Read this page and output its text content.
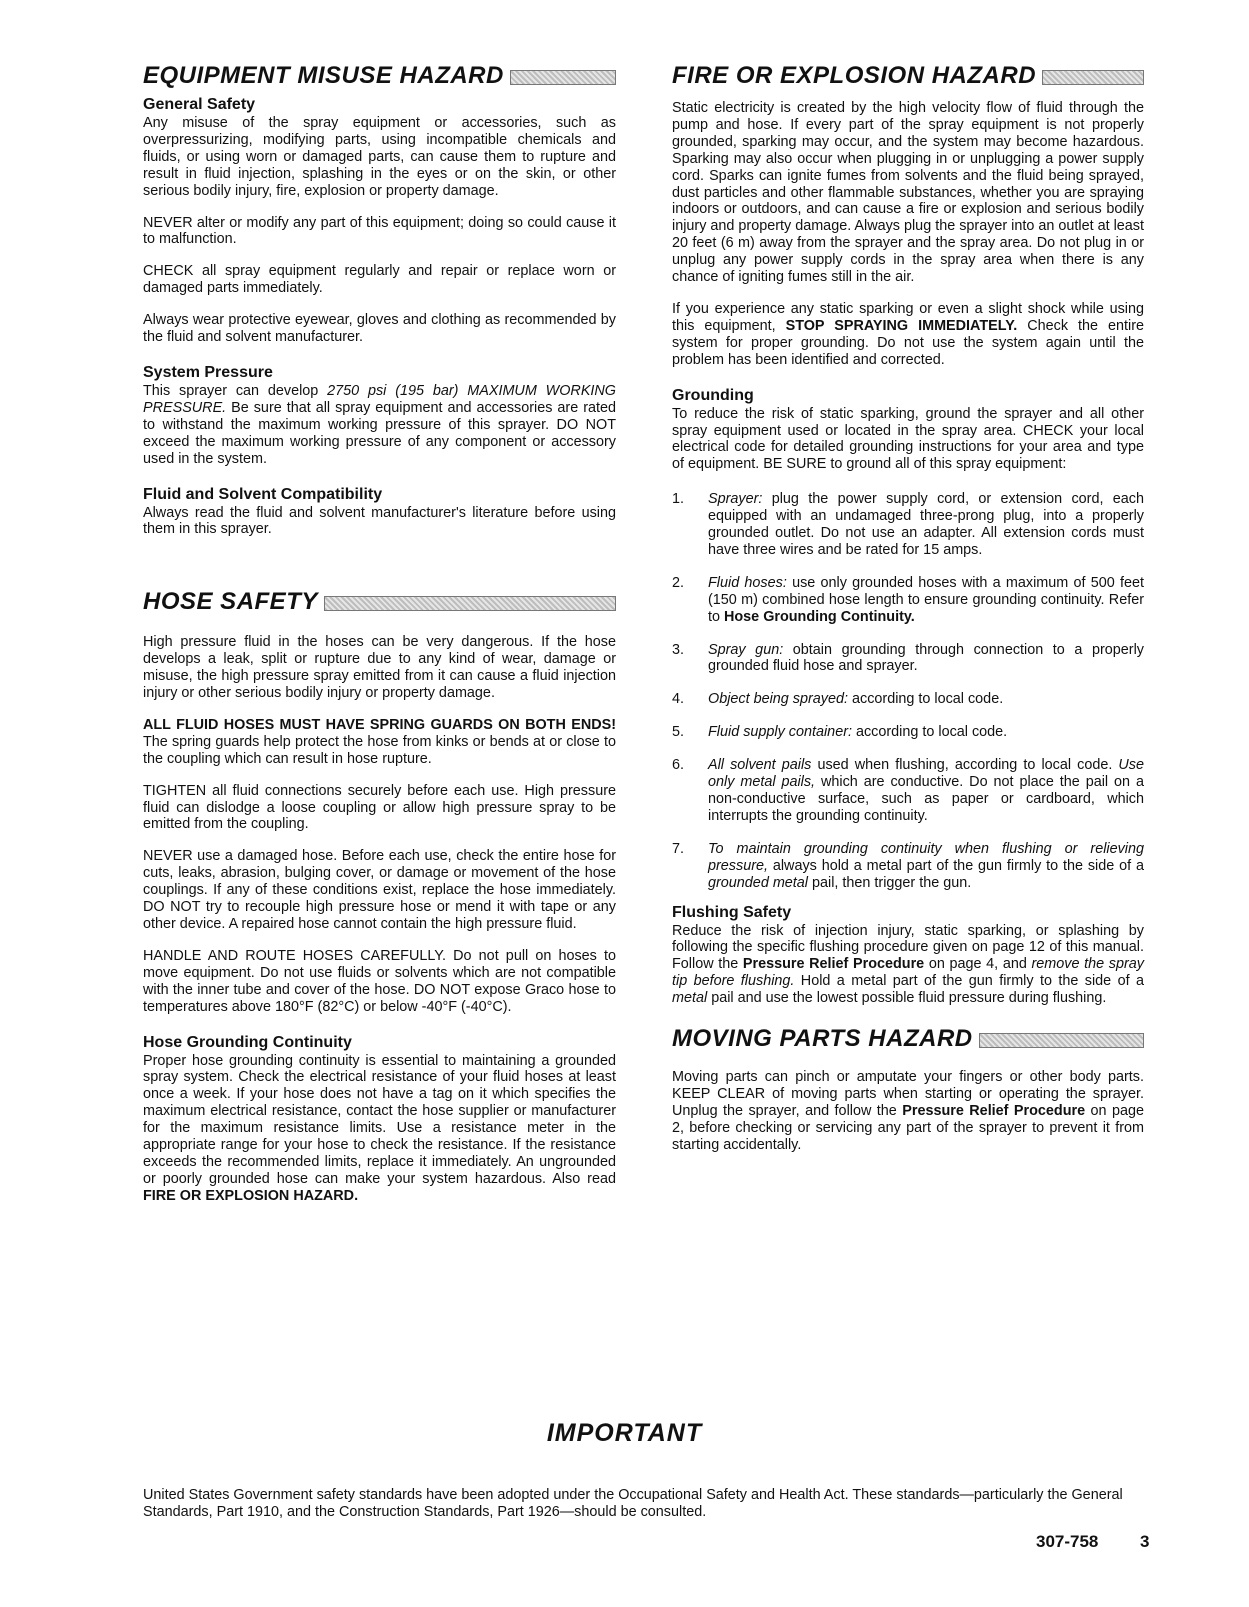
EQUIPMENT MISUSE HAZARD
General Safety

Any misuse of the spray equipment or accessories, such as overpressurizing, modifying parts, using incompatible chemicals and fluids, or using worn or damaged parts, can cause them to rupture and result in fluid injection, splashing in the eyes or on the skin, or other serious bodily injury, fire, explosion or property damage.

NEVER alter or modify any part of this equipment; doing so could cause it to malfunction.

CHECK all spray equipment regularly and repair or replace worn or damaged parts immediately.

Always wear protective eyewear, gloves and clothing as recommended by the fluid and solvent manufacturer.

System Pressure

This sprayer can develop 2750 psi (195 bar) MAXIMUM WORKING PRESSURE. Be sure that all spray equipment and accessories are rated to withstand the maximum working pressure of this sprayer. DO NOT exceed the maximum working pressure of any component or accessory used in the system.

Fluid and Solvent Compatibility

Always read the fluid and solvent manufacturer's literature before using them in this sprayer.

HOSE SAFETY

High pressure fluid in the hoses can be very dangerous. If the hose develops a leak, split or rupture due to any kind of wear, damage or misuse, the high pressure spray emitted from it can cause a fluid injection injury or other serious bodily injury or property damage.

ALL FLUID HOSES MUST HAVE SPRING GUARDS ON BOTH ENDS! The spring guards help protect the hose from kinks or bends at or close to the coupling which can result in hose rupture.

TIGHTEN all fluid connections securely before each use. High pressure fluid can dislodge a loose coupling or allow high pressure spray to be emitted from the coupling.

NEVER use a damaged hose. Before each use, check the entire hose for cuts, leaks, abrasion, bulging cover, or damage or movement of the hose couplings. If any of these conditions exist, replace the hose immediately. DO NOT try to recouple high pressure hose or mend it with tape or any other device. A repaired hose cannot contain the high pressure fluid.

HANDLE AND ROUTE HOSES CAREFULLY. Do not pull on hoses to move equipment. Do not use fluids or solvents which are not compatible with the inner tube and cover of the hose. DO NOT expose Graco hose to temperatures above 180°F (82°C) or below -40°F (-40°C).

Hose Grounding Continuity

Proper hose grounding continuity is essential to maintaining a grounded spray system. Check the electrical resistance of your fluid hoses at least once a week. If your hose does not have a tag on it which specifies the maximum electrical resistance, contact the hose supplier or manufacturer for the maximum resistance limits. Use a resistance meter in the appropriate range for your hose to check the resistance. If the resistance exceeds the recommended limits, replace it immediately. An ungrounded or poorly grounded hose can make your system hazardous. Also read FIRE OR EXPLOSION HAZARD.

FIRE OR EXPLOSION HAZARD

Static electricity is created by the high velocity flow of fluid through the pump and hose. If every part of the spray equipment is not properly grounded, sparking may occur, and the system may become hazardous. Sparking may also occur when plugging in or unplugging a power supply cord. Sparks can ignite fumes from solvents and the fluid being sprayed, dust particles and other flammable substances, whether you are spraying indoors or outdoors, and can cause a fire or explosion and serious bodily injury and property damage. Always plug the sprayer into an outlet at least 20 feet (6 m) away from the sprayer and the spray area. Do not plug in or unplug any power supply cords in the spray area when there is any chance of igniting fumes still in the air.

If you experience any static sparking or even a slight shock while using this equipment, STOP SPRAYING IMMEDIATELY. Check the entire system for proper grounding. Do not use the system again until the problem has been identified and corrected.

Grounding

To reduce the risk of static sparking, ground the sprayer and all other spray equipment used or located in the spray area. CHECK your local electrical code for detailed grounding instructions for your area and type of equipment. BE SURE to ground all of this spray equipment:

1.	Sprayer: plug the power supply cord, or extension cord, each equipped with an undamaged three-prong plug, into a properly grounded outlet. Do not use an adapter. All extension cords must have three wires and be rated for 15 amps.
2.	Fluid hoses: use only grounded hoses with a maximum of 500 feet (150 m) combined hose length to ensure grounding continuity. Refer to Hose Grounding Continuity.
3.	Spray gun: obtain grounding through connection to a properly grounded fluid hose and sprayer.
4.	Object being sprayed: according to local code.
5.	Fluid supply container: according to local code.
6.	All solvent pails used when flushing, according to local code. Use only metal pails, which are conductive. Do not place the pail on a non-conductive surface, such as paper or cardboard, which interrupts the grounding continuity.
7.	To maintain grounding continuity when flushing or relieving pressure, always hold a metal part of the gun firmly to the side of a grounded metal pail, then trigger the gun.
Flushing Safety

Reduce the risk of injection injury, static sparking, or splashing by following the specific flushing procedure given on page 12 of this manual. Follow the Pressure Relief Procedure on page 4, and remove the spray tip before flushing. Hold a metal part of the gun firmly to the side of a metal pail and use the lowest possible fluid pressure during flushing.

MOVING PARTS HAZARD

Moving parts can pinch or amputate your fingers or other body parts. KEEP CLEAR of moving parts when starting or operating the sprayer. Unplug the sprayer, and follow the Pressure Relief Procedure on page 2, before checking or servicing any part of the sprayer to prevent it from starting accidentally.

IMPORTANT
United States Government safety standards have been adopted under the Occupational Safety and Health Act. These standards—particularly the General Standards, Part 1910, and the Construction Standards, Part 1926—should be consulted.
307-758 3
